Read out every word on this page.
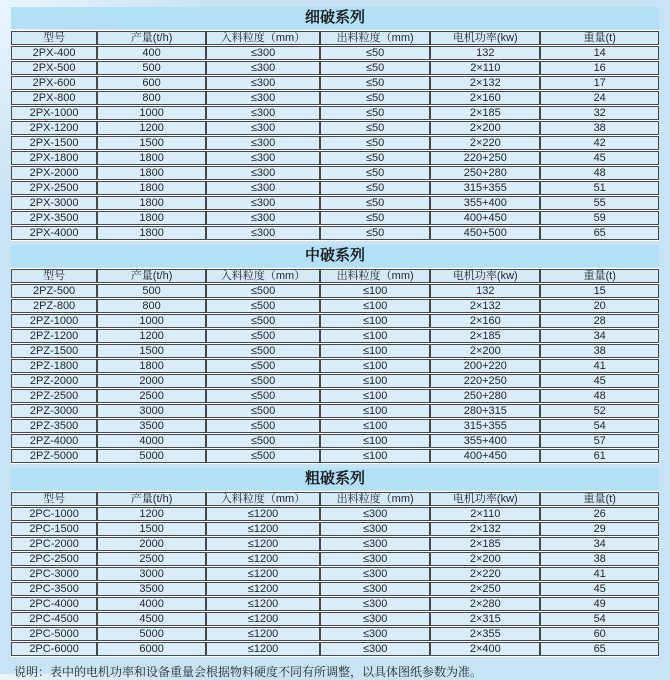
细破系列
型号	产量(t/h)	入料粒度（mm）	出料粒度（mm)	电机功率(kw)	重量(t)
2PX-400	400	≤300	≤50	132	14
2PX-500	500	≤300	≤50	2×110	16
2PX-600	600	≤300	≤50	2×132	17
2PX-800	800	≤300	≤50	2×160	24
2PX-1000	1000	≤300	≤50	2×185	32
2PX-1200	1200	≤300	≤50	2×200	38
2PX-1500	1500	≤300	≤50	2×220	42
2PX-1800	1800	≤300	≤50	220+250	45
2PX-2000	1800	≤300	≤50	250+280	48
2PX-2500	1800	≤300	≤50	315+355	51
2PX-3000	1800	≤300	≤50	355+400	55
2PX-3500	1800	≤300	≤50	400+450	59
2PX-4000	1800	≤300	≤50	450+500	65
中破系列
型号	产量(t/h)	入料粒度（mm）	出料粒度（mm)	电机功率(kw)	重量(t)
2PZ-500	500	≤500	≤100	132	15
2PZ-800	800	≤500	≤100	2×132	20
2PZ-1000	1000	≤500	≤100	2×160	28
2PZ-1200	1200	≤500	≤100	2×185	34
2PZ-1500	1500	≤500	≤100	2×200	38
2PZ-1800	1800	≤500	≤100	200+220	41
2PZ-2000	2000	≤500	≤100	220+250	45
2PZ-2500	2500	≤500	≤100	250+280	48
2PZ-3000	3000	≤500	≤100	280+315	52
2PZ-3500	3500	≤500	≤100	315+355	54
2PZ-4000	4000	≤500	≤100	355+400	57
2PZ-5000	5000	≤500	≤100	400+450	61
粗破系列
型号	产量(t/h)	入料粒度（mm）	出料粒度（mm)	电机功率(kw)	重量(t)
2PC-1000	1200	≤1200	≤300	2×110	26
2PC-1500	1500	≤1200	≤300	2×132	29
2PC-2000	2000	≤1200	≤300	2×185	34
2PC-2500	2500	≤1200	≤300	2×200	38
2PC-3000	3000	≤1200	≤300	2×220	41
2PC-3500	3500	≤1200	≤300	2×250	45
2PC-4000	4000	≤1200	≤300	2×280	49
2PC-4500	4500	≤1200	≤300	2×315	54
2PC-5000	5000	≤1200	≤300	2×355	60
2PC-6000	6000	≤1200	≤300	2×400	65

说明：表中的电机功率和设备重量会根据物料硬度不同有所调整，以具体图纸参数为准。
